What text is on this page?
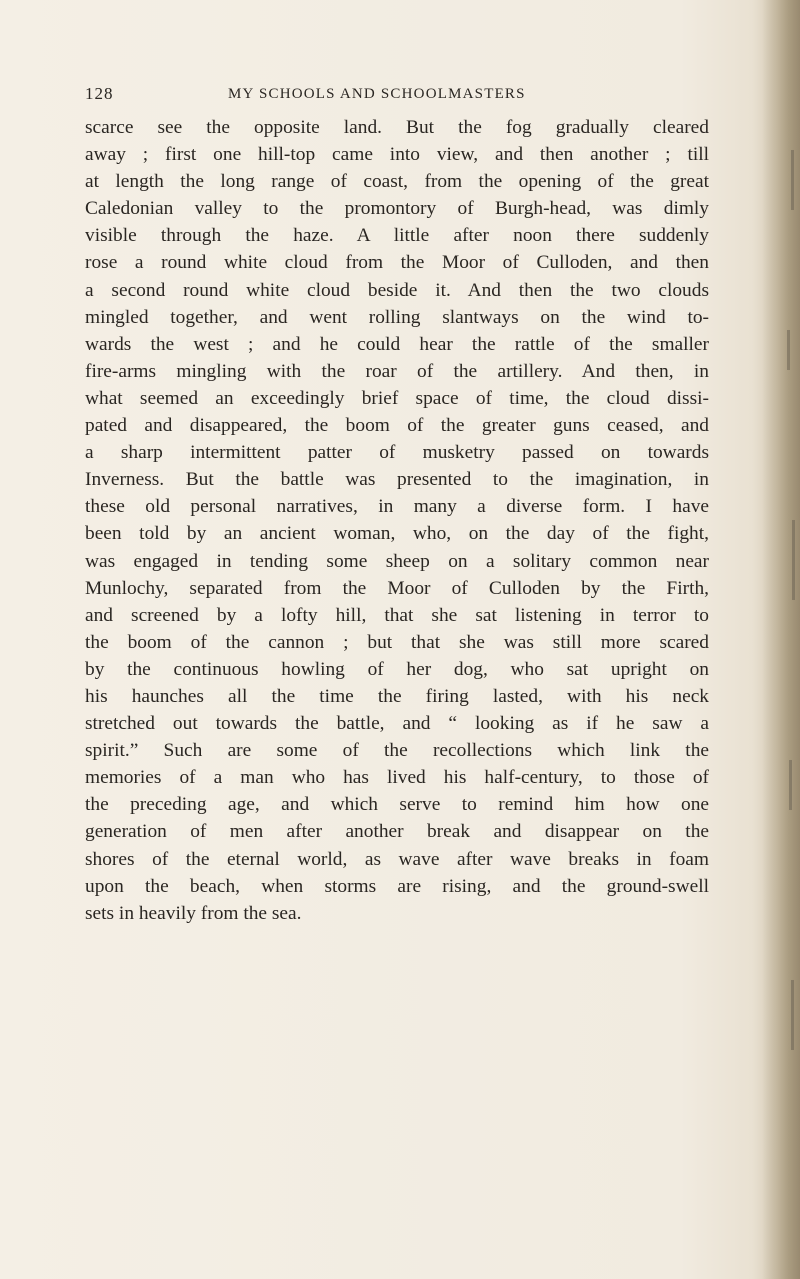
128	MY SCHOOLS AND SCHOOLMASTERS
scarce see the opposite land. But the fog gradually cleared
away ; first one hill-top came into view, and then another ; till
at length the long range of coast, from the opening of the great
Caledonian valley to the promontory of Burgh-head, was dimly
visible through the haze. A little after noon there suddenly
rose a round white cloud from the Moor of Culloden, and then
a second round white cloud beside it. And then the two clouds
mingled together, and went rolling slantways on the wind to-
wards the west ; and he could hear the rattle of the smaller
fire-arms mingling with the roar of the artillery. And then, in
what seemed an exceedingly brief space of time, the cloud dissi-
pated and disappeared, the boom of the greater guns ceased, and
a sharp intermittent patter of musketry passed on towards
Inverness. But the battle was presented to the imagination, in
these old personal narratives, in many a diverse form. I have
been told by an ancient woman, who, on the day of the fight,
was engaged in tending some sheep on a solitary common near
Munlochy, separated from the Moor of Culloden by the Firth,
and screened by a lofty hill, that she sat listening in terror to
the boom of the cannon ; but that she was still more scared
by the continuous howling of her dog, who sat upright on
his haunches all the time the firing lasted, with his neck
stretched out towards the battle, and “ looking as if he saw a
spirit.” Such are some of the recollections which link the
memories of a man who has lived his half-century, to those of
the preceding age, and which serve to remind him how one
generation of men after another break and disappear on the
shores of the eternal world, as wave after wave breaks in foam
upon the beach, when storms are rising, and the ground-swell
sets in heavily from the sea.
